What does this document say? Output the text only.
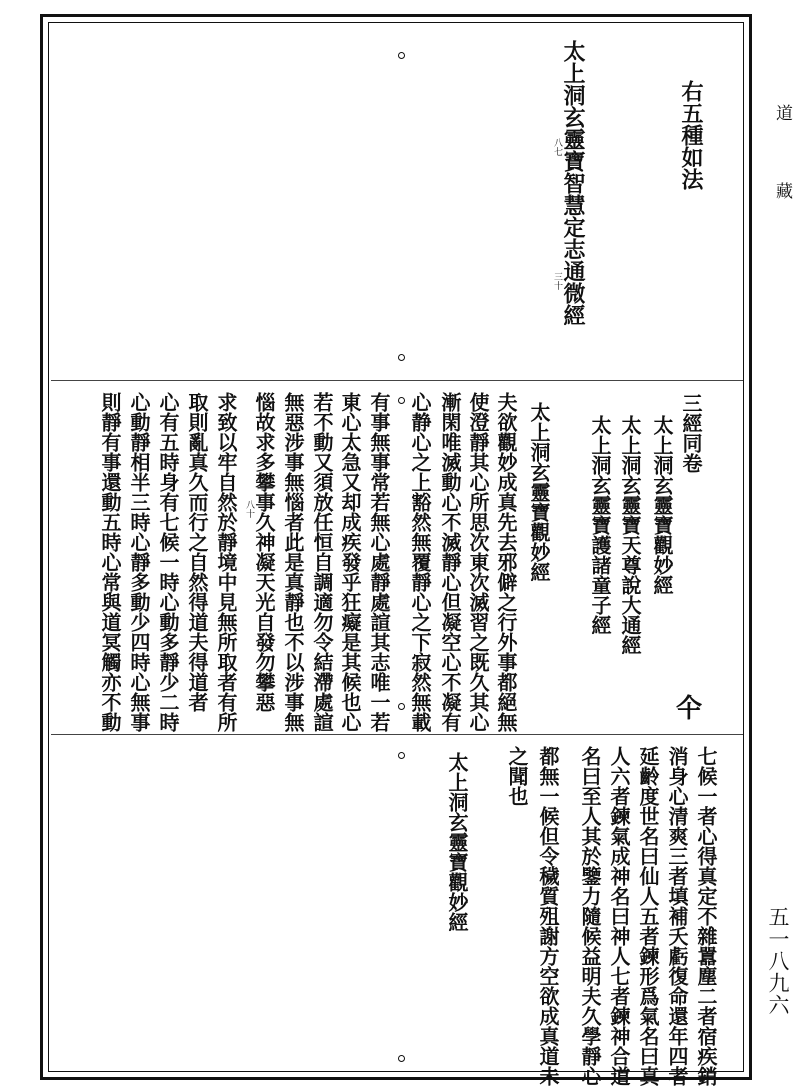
道
藏
五一八九六
右五種如法
太上洞玄靈寶智慧定志通微經
八七
三十
三經同卷
太上洞玄靈寶觀妙經
太上洞玄靈寶天尊說大通經
太上洞玄靈寶護諸童子經
仐
太上洞玄靈寶觀妙經
夫欲觀妙成真先去邪僻之行外事都絕無
使澄靜其心所思次東次滅習之既久其心
漸閑唯滅動心不滅靜心但凝空心不凝有
心静心之上豁然無覆靜心之下寂然無載
有事無事常若無心處靜處諠其志唯一若
東心太急又却成疾發乎狂癡是其候也心
若不動又須放任恒自調適勿令結滯處諠
無惡涉事無惱者此是真靜也不以涉事無
惱故求多攀事久神凝天光自發勿攀惡
八十
求致以牢自然於靜境中見無所取者有所
取則亂真久而行之自然得道夫得道者
心有五時身有七候一時心動多靜少二時
心動靜相半三時心靜多動少四時心無事
則靜有事還動五時心常與道冥觸亦不動
七候一者心得真定不雜囂塵二者宿疾銷
消身心清爽三者填補夭虧復命還年四者
延齡度世名曰仙人五者鍊形爲氣名曰真
人六者鍊氣成神名曰神人七者鍊神合道
名曰至人其於鑒力隨候益明夫久學靜心
都無一候但令穢質殂謝方空欲成真道未
之聞也
太上洞玄靈寶觀妙經
